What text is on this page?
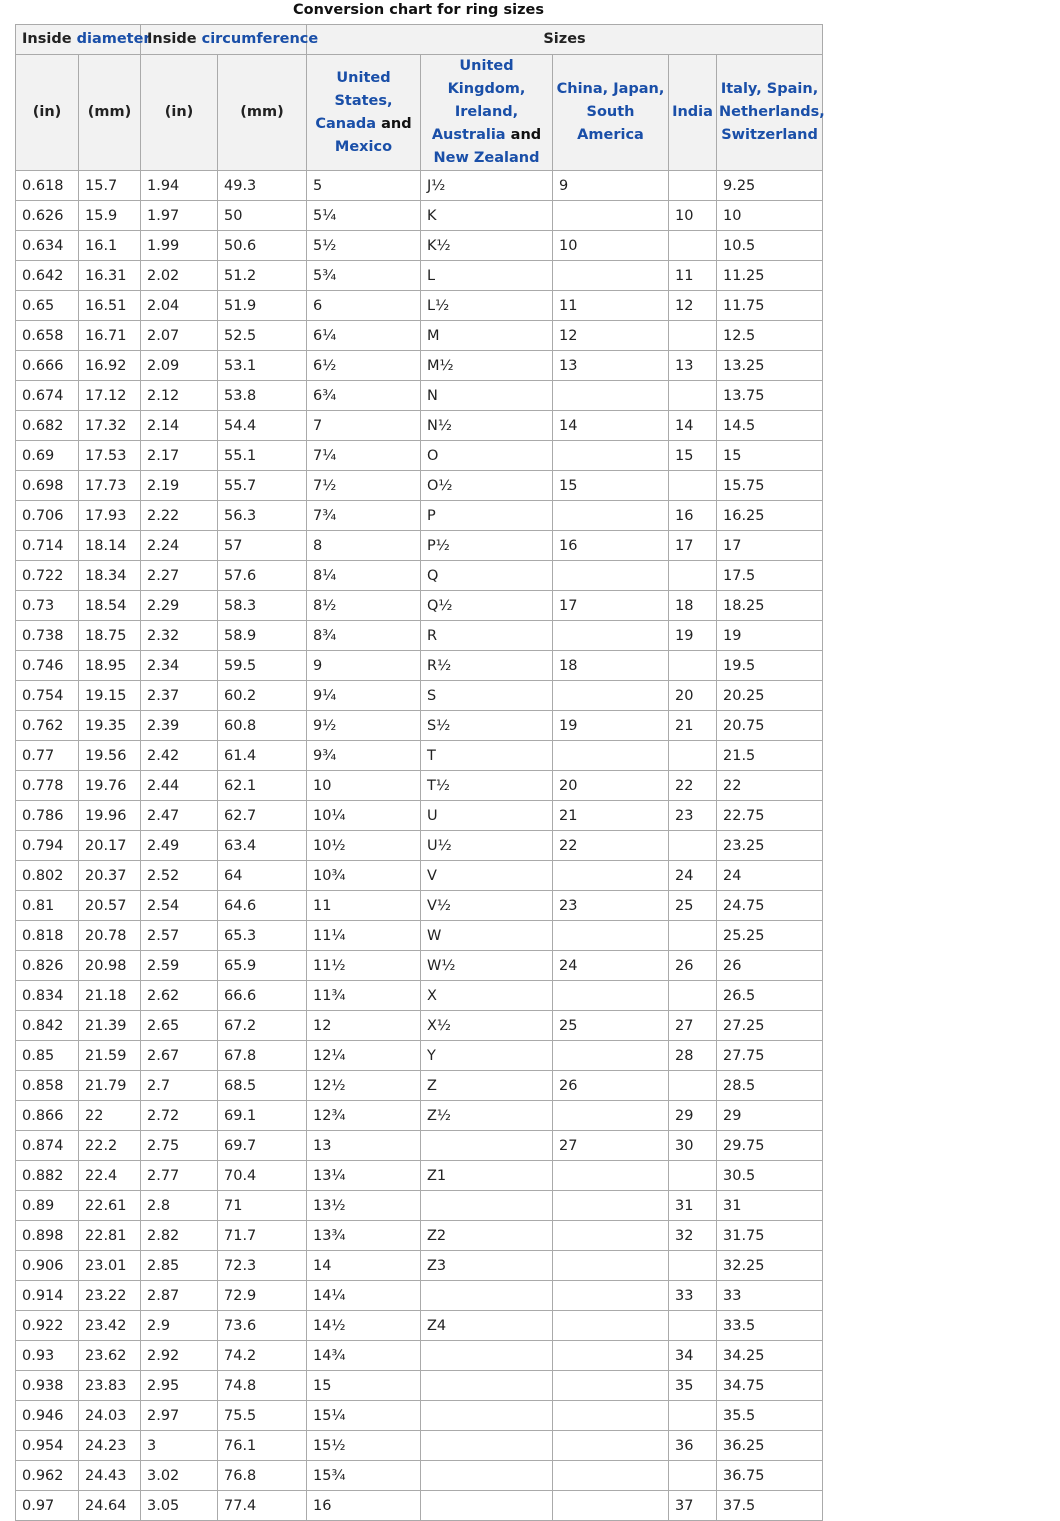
Conversion chart for ring sizes
Inside diameter		Inside circumference		Sizes				
(in)	(mm)	(in)	(mm)	United States, Canada and Mexico	United Kingdom, Ireland, Australia and New Zealand	China, Japan, South America	India	Italy, Spain, Netherlands, Switzerland
0.618	15.7	1.94	49.3	5	J½	9		9.25
0.626	15.9	1.97	50	5¼	K		10	10
0.634	16.1	1.99	50.6	5½	K½	10		10.5
0.642	16.31	2.02	51.2	5¾	L		11	11.25
0.65	16.51	2.04	51.9	6	L½	11	12	11.75
0.658	16.71	2.07	52.5	6¼	M	12		12.5
0.666	16.92	2.09	53.1	6½	M½	13	13	13.25
0.674	17.12	2.12	53.8	6¾	N			13.75
0.682	17.32	2.14	54.4	7	N½	14	14	14.5
0.69	17.53	2.17	55.1	7¼	O		15	15
0.698	17.73	2.19	55.7	7½	O½	15		15.75
0.706	17.93	2.22	56.3	7¾	P		16	16.25
0.714	18.14	2.24	57	8	P½	16	17	17
0.722	18.34	2.27	57.6	8¼	Q			17.5
0.73	18.54	2.29	58.3	8½	Q½	17	18	18.25
0.738	18.75	2.32	58.9	8¾	R		19	19
0.746	18.95	2.34	59.5	9	R½	18		19.5
0.754	19.15	2.37	60.2	9¼	S		20	20.25
0.762	19.35	2.39	60.8	9½	S½	19	21	20.75
0.77	19.56	2.42	61.4	9¾	T			21.5
0.778	19.76	2.44	62.1	10	T½	20	22	22
0.786	19.96	2.47	62.7	10¼	U	21	23	22.75
0.794	20.17	2.49	63.4	10½	U½	22		23.25
0.802	20.37	2.52	64	10¾	V		24	24
0.81	20.57	2.54	64.6	11	V½	23	25	24.75
0.818	20.78	2.57	65.3	11¼	W			25.25
0.826	20.98	2.59	65.9	11½	W½	24	26	26
0.834	21.18	2.62	66.6	11¾	X			26.5
0.842	21.39	2.65	67.2	12	X½	25	27	27.25
0.85	21.59	2.67	67.8	12¼	Y		28	27.75
0.858	21.79	2.7	68.5	12½	Z	26		28.5
0.866	22	2.72	69.1	12¾	Z½		29	29
0.874	22.2	2.75	69.7	13		27	30	29.75
0.882	22.4	2.77	70.4	13¼	Z1			30.5
0.89	22.61	2.8	71	13½			31	31
0.898	22.81	2.82	71.7	13¾	Z2		32	31.75
0.906	23.01	2.85	72.3	14	Z3			32.25
0.914	23.22	2.87	72.9	14¼			33	33
0.922	23.42	2.9	73.6	14½	Z4			33.5
0.93	23.62	2.92	74.2	14¾			34	34.25
0.938	23.83	2.95	74.8	15			35	34.75
0.946	24.03	2.97	75.5	15¼				35.5
0.954	24.23	3	76.1	15½			36	36.25
0.962	24.43	3.02	76.8	15¾				36.75
0.97	24.64	3.05	77.4	16			37	37.5
